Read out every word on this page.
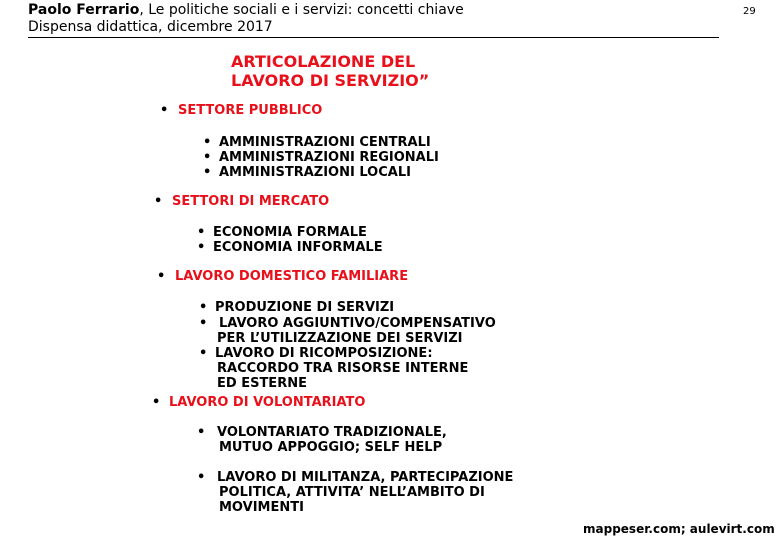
Paolo Ferrario, Le politiche sociali e i servizi: concetti chiave
Dispensa didattica, dicembre 2017
29
ARTICOLAZIONE DEL
LAVORO DI SERVIZIO”
• SETTORE PUBBLICO
• AMMINISTRAZIONI CENTRALI
• AMMINISTRAZIONI REGIONALI
• AMMINISTRAZIONI LOCALI
• SETTORI DI MERCATO
• ECONOMIA FORMALE
• ECONOMIA INFORMALE
• LAVORO DOMESTICO FAMILIARE
• PRODUZIONE DI SERVIZI
• LAVORO AGGIUNTIVO/COMPENSATIVO
PER L’UTILIZZAZIONE DEI SERVIZI
• LAVORO DI RICOMPOSIZIONE:
RACCORDO TRA RISORSE INTERNE
ED ESTERNE
• LAVORO DI VOLONTARIATO
• VOLONTARIATO TRADIZIONALE,
MUTUO APPOGGIO; SELF HELP
• LAVORO DI MILITANZA, PARTECIPAZIONE
POLITICA, ATTIVITA’ NELL’AMBITO DI
MOVIMENTI
mappeser.com; aulevirt.com
